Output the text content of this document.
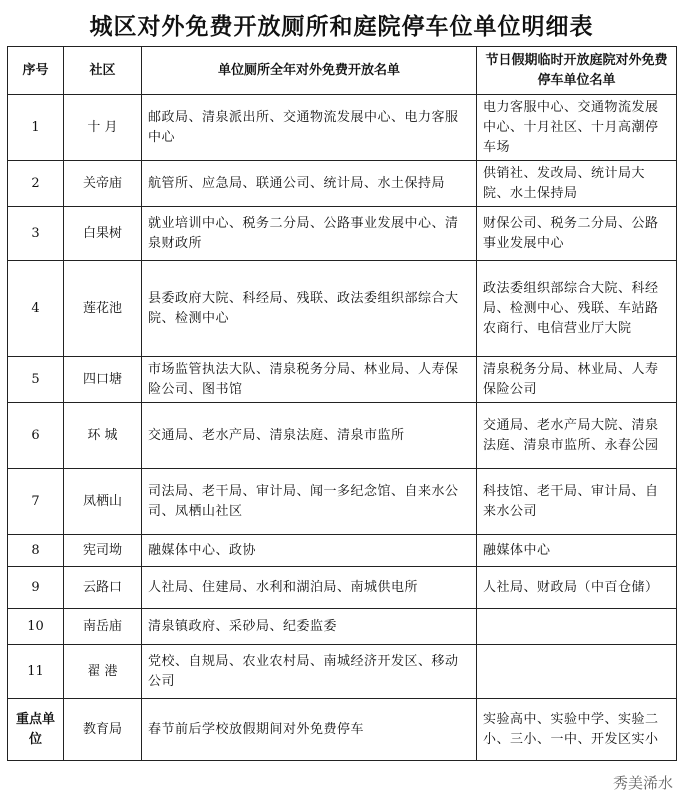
城区对外免费开放厕所和庭院停车位单位明细表
序号	社区	单位厕所全年对外免费开放名单	节日假期临时开放庭院对外免费停车单位名单
1	十 月	邮政局、清泉派出所、交通物流发展中心、电力客服中心	电力客服中心、交通物流发展中心、十月社区、十月高潮停车场
2	关帝庙	航管所、应急局、联通公司、统计局、水土保持局	供销社、发改局、统计局大院、水土保持局
3	白果树	就业培训中心、税务二分局、公路事业发展中心、清泉财政所	财保公司、税务二分局、公路事业发展中心
4	莲花池	县委政府大院、科经局、残联、政法委组织部综合大院、检测中心	政法委组织部综合大院、科经局、检测中心、残联、车站路农商行、电信营业厅大院
5	四口塘	市场监管执法大队、清泉税务分局、林业局、人寿保险公司、图书馆	清泉税务分局、林业局、人寿保险公司
6	环 城	交通局、老水产局、清泉法庭、清泉市监所	交通局、老水产局大院、清泉法庭、清泉市监所、永春公园
7	凤栖山	司法局、老干局、审计局、闻一多纪念馆、自来水公司、凤栖山社区	科技馆、老干局、审计局、自来水公司
8	宪司坳	融媒体中心、政协	融媒体中心
9	云路口	人社局、住建局、水利和湖泊局、南城供电所	人社局、财政局（中百仓储）
10	南岳庙	清泉镇政府、采砂局、纪委监委	
11	翟 港	党校、自规局、农业农村局、南城经济开发区、移动公司	
重点单位	教育局	春节前后学校放假期间对外免费停车	实验高中、实验中学、实验二小、三小、一中、开发区实小
秀美浠水
